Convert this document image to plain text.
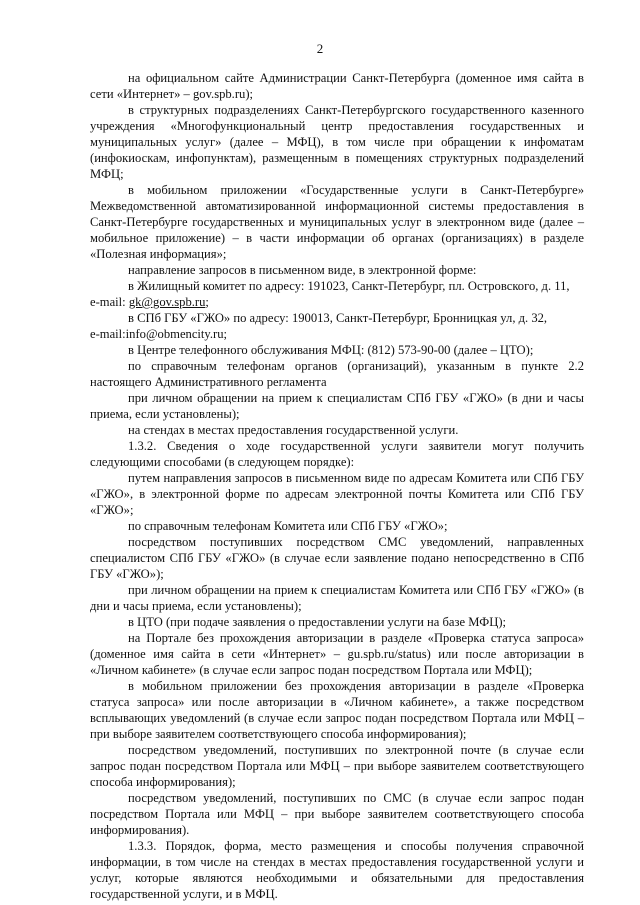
2

на официальном сайте Администрации Санкт-Петербурга (доменное имя сайта в сети «Интернет» – gov.spb.ru);

в структурных подразделениях Санкт-Петербургского государственного казенного учреждения «Многофункциональный центр предоставления государственных и муниципальных услуг» (далее – МФЦ), в том числе при обращении к инфоматам (инфокиоскам, инфопунктам), размещенным в помещениях структурных подразделений МФЦ;

в мобильном приложении «Государственные услуги в Санкт-Петербурге» Межведомственной автоматизированной информационной системы предоставления в Санкт-Петербурге государственных и муниципальных услуг в электронном виде (далее – мобильное приложение) – в части информации об органах (организациях) в разделе «Полезная информация»;

направление запросов в письменном виде, в электронной форме:

в Жилищный комитет по адресу: 191023, Санкт-Петербург, пл. Островского, д. 11,

e-mail: gk@gov.spb.ru;

в СПб ГБУ «ГЖО» по адресу: 190013, Санкт-Петербург, Бронницкая ул, д. 32,

e-mail:info@obmencity.ru;

в Центре телефонного обслуживания МФЦ: (812) 573-90-00 (далее – ЦТО);

по справочным телефонам органов (организаций), указанным в пункте 2.2 настоящего Административного регламента

при личном обращении на прием к специалистам СПб ГБУ «ГЖО» (в дни и часы приема, если установлены);

на стендах в местах предоставления государственной услуги.

1.3.2. Сведения о ходе государственной услуги заявители могут получить следующими способами (в следующем порядке):

путем направления запросов в письменном виде по адресам Комитета или СПб ГБУ «ГЖО», в электронной форме по адресам электронной почты Комитета или СПб ГБУ «ГЖО»;

по справочным телефонам Комитета или СПб ГБУ «ГЖО»;

посредством поступивших посредством СМС уведомлений, направленных специалистом СПб ГБУ «ГЖО» (в случае если заявление подано непосредственно в СПб ГБУ «ГЖО»);

при личном обращении на прием к специалистам Комитета или СПб ГБУ «ГЖО» (в дни и часы приема, если установлены);

в ЦТО (при подаче заявления о предоставлении услуги на базе МФЦ);

на Портале без прохождения авторизации в разделе «Проверка статуса запроса» (доменное имя сайта в сети «Интернет» – gu.spb.ru/status) или после авторизации в «Личном кабинете» (в случае если запрос подан посредством Портала или МФЦ);

в мобильном приложении без прохождения авторизации в разделе «Проверка статуса запроса» или после авторизации в «Личном кабинете», а также посредством всплывающих уведомлений (в случае если запрос подан посредством Портала или МФЦ – при выборе заявителем соответствующего способа информирования);

посредством уведомлений, поступивших по электронной почте (в случае если запрос подан посредством Портала или МФЦ – при выборе заявителем соответствующего способа информирования);

посредством уведомлений, поступивших по СМС (в случае если запрос подан посредством Портала или МФЦ – при выборе заявителем соответствующего способа информирования).

1.3.3. Порядок, форма, место размещения и способы получения справочной информации, в том числе на стендах в местах предоставления государственной услуги и услуг, которые являются необходимыми и обязательными для предоставления государственной услуги, и в МФЦ.
